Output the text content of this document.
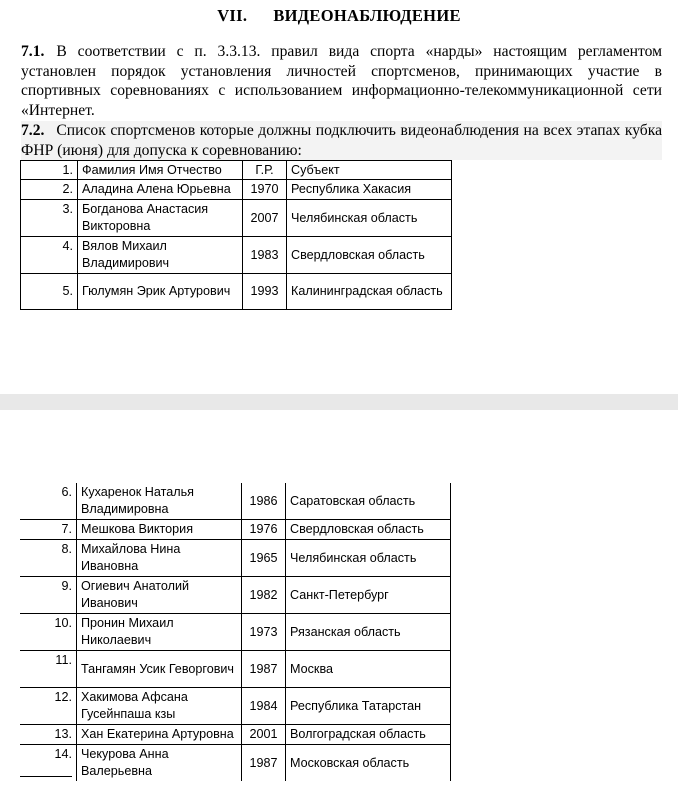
VII. ВИДЕОНАБЛЮДЕНИЕ
7.1. В соответствии с п. 3.3.13. правил вида спорта «нарды» настоящим регламентом установлен порядок установления личностей спортсменов, принимающих участие в спортивных соревнованиях с использованием информационно-телекоммуникационной сети «Интернет.
7.2. Список спортсменов которые должны подключить видеонаблюдения на всех этапах кубка ФНР (июня) для допуска к соревнованию:
1.	Фамилия Имя Отчество	Г.Р.	Субъект
2.	Аладина Алена Юрьевна	1970	Республика Хакасия
3.	Богданова Анастасия Викторовна	2007	Челябинская область
4.	Вялов Михаил Владимирович	1983	Свердловская область
5.	Гюлумян Эрик Артурович	1993	Калининградская область
6.	Кухаренок Наталья Владимировна	1986	Саратовская область
7.	Мешкова Виктория	1976	Свердловская область
8.	Михайлова Нина Ивановна	1965	Челябинская область
9.	Огиевич Анатолий Иванович	1982	Санкт-Петербург
10.	Пронин Михаил Николаевич	1973	Рязанская область
11.	Тангамян Усик Геворгович	1987	Москва
12.	Хакимова Афсана Гусейнпаша кзы	1984	Республика Татарстан
13.	Хан Екатерина Артуровна	2001	Волгоградская область
14.	Чекурова Анна Валерьевна	1987	Московская область
